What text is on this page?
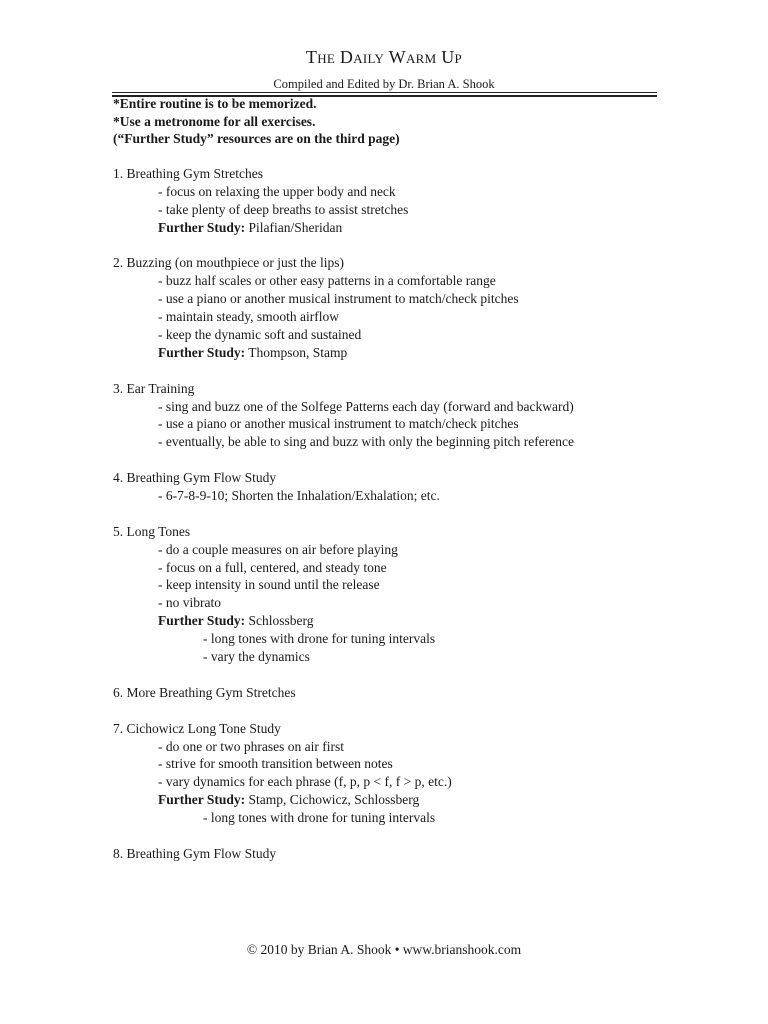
The Daily Warm Up
Compiled and Edited by Dr. Brian A. Shook
*Entire routine is to be memorized.
*Use a metronome for all exercises.
(“Further Study” resources are on the third page)
1. Breathing Gym Stretches
- focus on relaxing the upper body and neck
- take plenty of deep breaths to assist stretches
Further Study: Pilafian/Sheridan
2. Buzzing (on mouthpiece or just the lips)
- buzz half scales or other easy patterns in a comfortable range
- use a piano or another musical instrument to match/check pitches
- maintain steady, smooth airflow
- keep the dynamic soft and sustained
Further Study: Thompson, Stamp
3. Ear Training
- sing and buzz one of the Solfege Patterns each day (forward and backward)
- use a piano or another musical instrument to match/check pitches
- eventually, be able to sing and buzz with only the beginning pitch reference
4. Breathing Gym Flow Study
- 6-7-8-9-10; Shorten the Inhalation/Exhalation; etc.
5. Long Tones
- do a couple measures on air before playing
- focus on a full, centered, and steady tone
- keep intensity in sound until the release
- no vibrato
Further Study: Schlossberg
- long tones with drone for tuning intervals
- vary the dynamics
6. More Breathing Gym Stretches
7. Cichowicz Long Tone Study
- do one or two phrases on air first
- strive for smooth transition between notes
- vary dynamics for each phrase (f, p, p < f, f > p, etc.)
Further Study: Stamp, Cichowicz, Schlossberg
- long tones with drone for tuning intervals
8. Breathing Gym Flow Study
© 2010 by Brian A. Shook • www.brianshook.com
